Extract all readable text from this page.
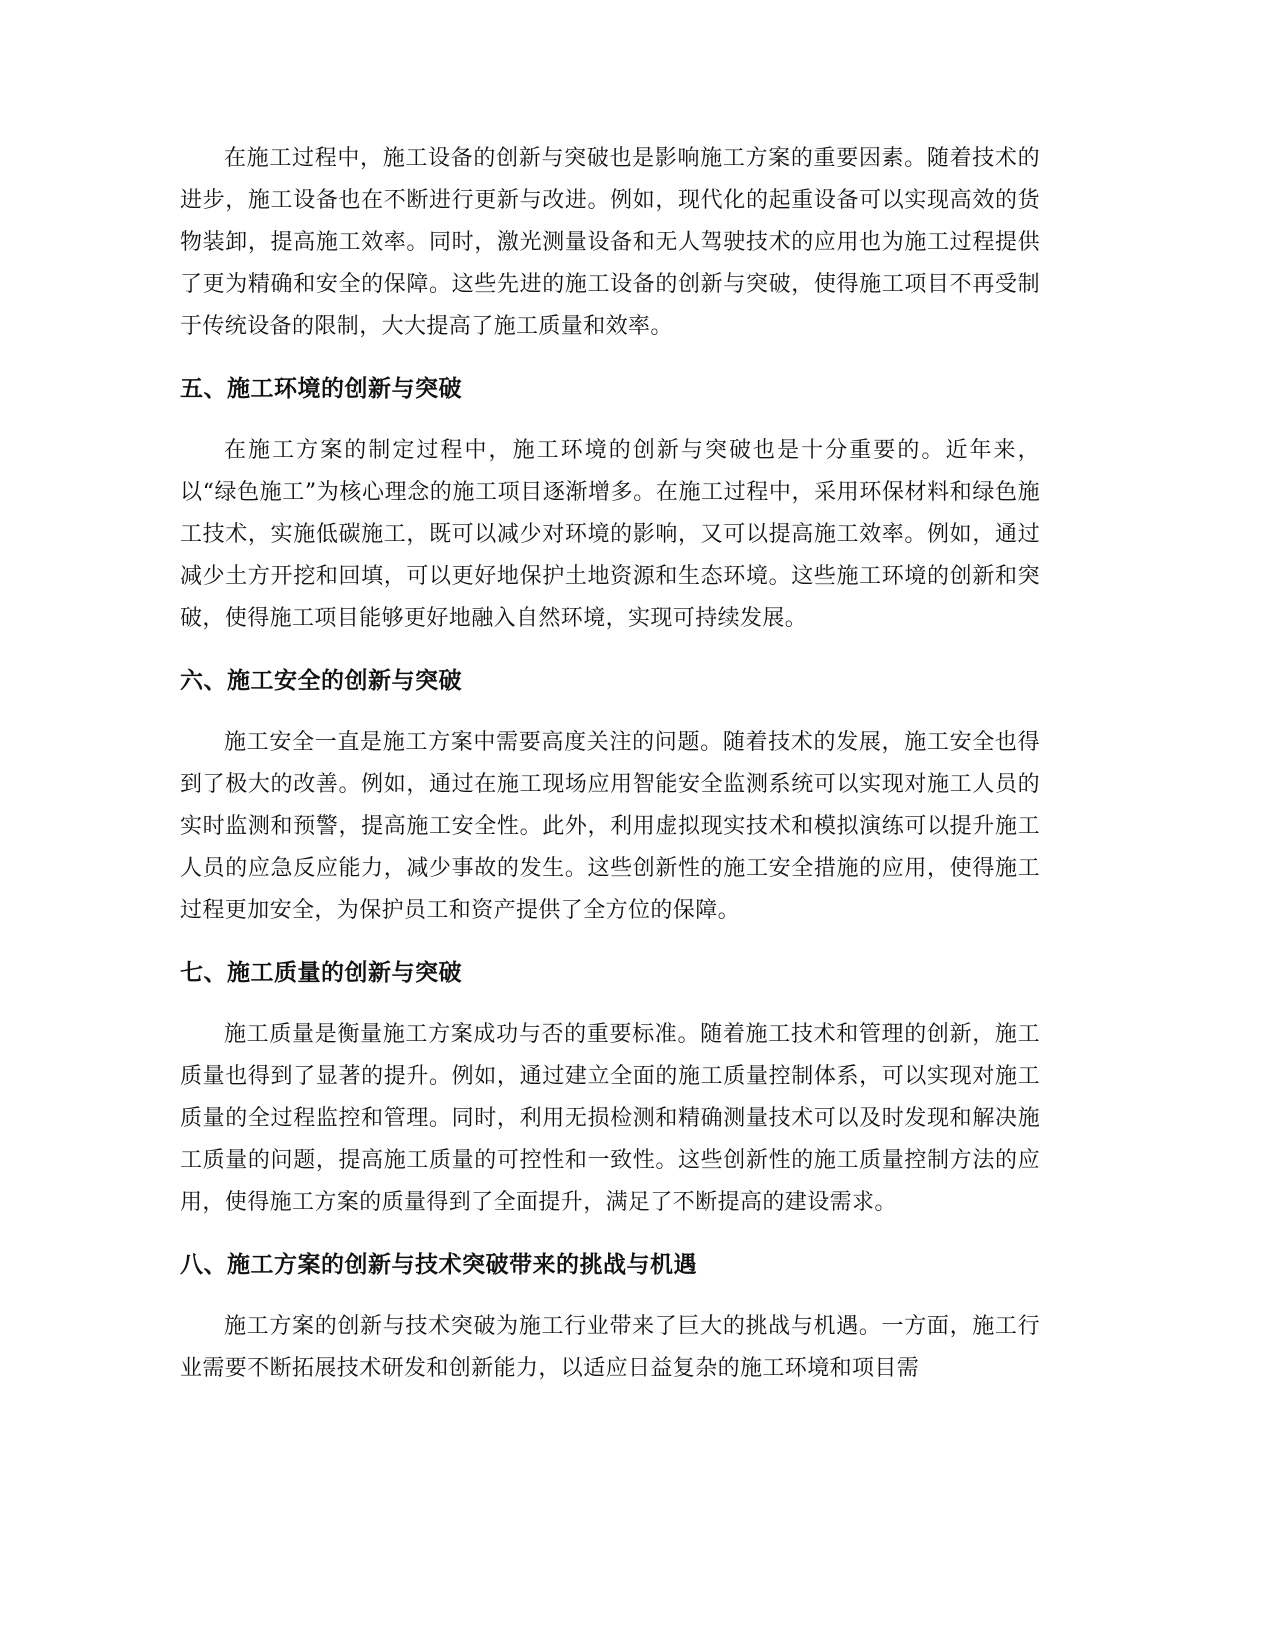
在施工过程中，施工设备的创新与突破也是影响施工方案的重要因素。随着技术的进步，施工设备也在不断进行更新与改进。例如，现代化的起重设备可以实现高效的货物装卸，提高施工效率。同时，激光测量设备和无人驾驶技术的应用也为施工过程提供了更为精确和安全的保障。这些先进的施工设备的创新与突破，使得施工项目不再受制于传统设备的限制，大大提高了施工质量和效率。

五、施工环境的创新与突破

在施工方案的制定过程中，施工环境的创新与突破也是十分重要的。近年来，以“绿色施工”为核心理念的施工项目逐渐增多。在施工过程中，采用环保材料和绿色施工技术，实施低碳施工，既可以减少对环境的影响，又可以提高施工效率。例如，通过减少土方开挖和回填，可以更好地保护土地资源和生态环境。这些施工环境的创新和突破，使得施工项目能够更好地融入自然环境，实现可持续发展。

六、施工安全的创新与突破

施工安全一直是施工方案中需要高度关注的问题。随着技术的发展，施工安全也得到了极大的改善。例如，通过在施工现场应用智能安全监测系统可以实现对施工人员的实时监测和预警，提高施工安全性。此外，利用虚拟现实技术和模拟演练可以提升施工人员的应急反应能力，减少事故的发生。这些创新性的施工安全措施的应用，使得施工过程更加安全，为保护员工和资产提供了全方位的保障。

七、施工质量的创新与突破

施工质量是衡量施工方案成功与否的重要标准。随着施工技术和管理的创新，施工质量也得到了显著的提升。例如，通过建立全面的施工质量控制体系，可以实现对施工质量的全过程监控和管理。同时，利用无损检测和精确测量技术可以及时发现和解决施工质量的问题，提高施工质量的可控性和一致性。这些创新性的施工质量控制方法的应用，使得施工方案的质量得到了全面提升，满足了不断提高的建设需求。

八、施工方案的创新与技术突破带来的挑战与机遇

施工方案的创新与技术突破为施工行业带来了巨大的挑战与机遇。一方面，施工行业需要不断拓展技术研发和创新能力，以适应日益复杂的施工环境和项目需
